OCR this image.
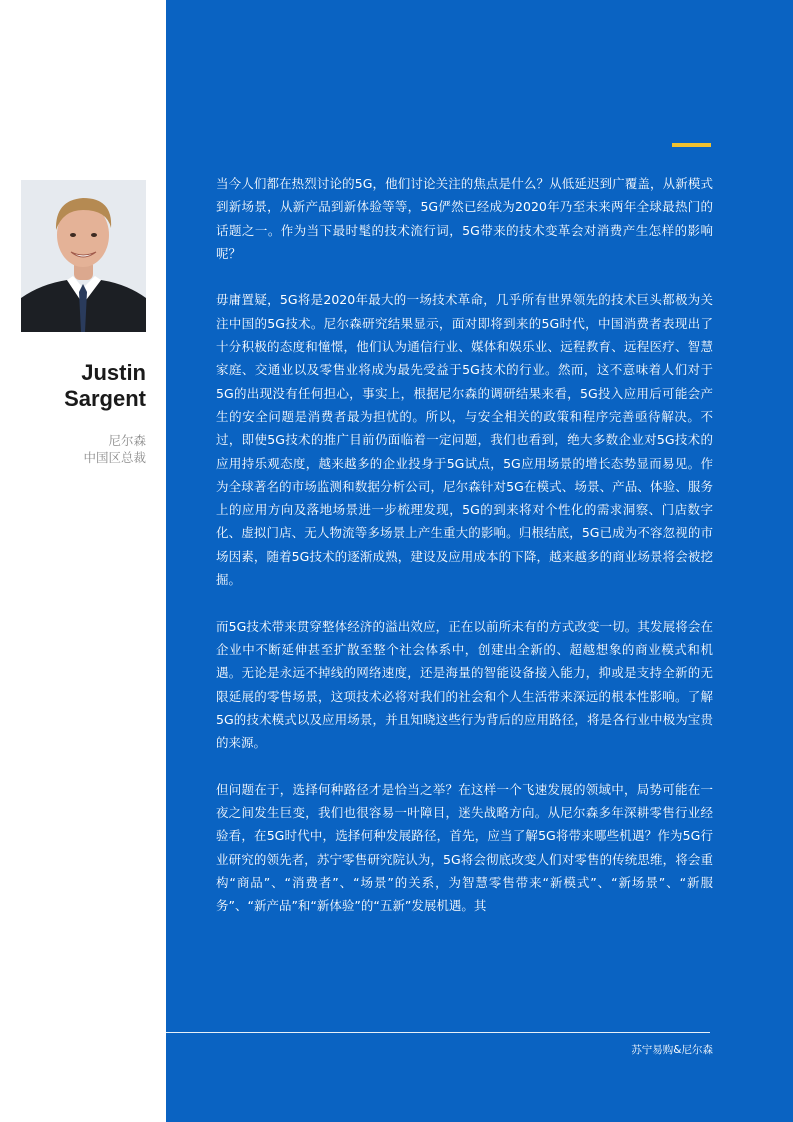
Justin
Sargent
尼尔森
中国区总裁

当今人们都在热烈讨论的5G，他们讨论关注的焦点是什么？从低延迟到广覆盖，从新模式到新场景，从新产品到新体验等等，5G俨然已经成为2020年乃至未来两年全球最热门的话题之一。作为当下最时髦的技术流行词，5G带来的技术变革会对消费产生怎样的影响呢？

毋庸置疑，5G将是2020年最大的一场技术革命，几乎所有世界领先的技术巨头都极为关注中国的5G技术。尼尔森研究结果显示，面对即将到来的5G时代，中国消费者表现出了十分积极的态度和憧憬，他们认为通信行业、媒体和娱乐业、远程教育、远程医疗、智慧家庭、交通业以及零售业将成为最先受益于5G技术的行业。然而，这不意味着人们对于5G的出现没有任何担心，事实上，根据尼尔森的调研结果来看，5G投入应用后可能会产生的安全问题是消费者最为担忧的。所以，与安全相关的政策和程序完善亟待解决。不过，即使5G技术的推广目前仍面临着一定问题，我们也看到，绝大多数企业对5G技术的应用持乐观态度，越来越多的企业投身于5G试点，5G应用场景的增长态势显而易见。作为全球著名的市场监测和数据分析公司，尼尔森针对5G在模式、场景、产品、体验、服务上的应用方向及落地场景进一步梳理发现，5G的到来将对个性化的需求洞察、门店数字化、虚拟门店、无人物流等多场景上产生重大的影响。归根结底，5G已成为不容忽视的市场因素，随着5G技术的逐渐成熟，建设及应用成本的下降，越来越多的商业场景将会被挖掘。

而5G技术带来贯穿整体经济的溢出效应，正在以前所未有的方式改变一切。其发展将会在企业中不断延伸甚至扩散至整个社会体系中，创建出全新的、超越想象的商业模式和机遇。无论是永远不掉线的网络速度，还是海量的智能设备接入能力，抑或是支持全新的无限延展的零售场景，这项技术必将对我们的社会和个人生活带来深远的根本性影响。了解5G的技术模式以及应用场景，并且知晓这些行为背后的应用路径，将是各行业中极为宝贵的来源。

但问题在于，选择何种路径才是恰当之举？在这样一个飞速发展的领域中，局势可能在一夜之间发生巨变，我们也很容易一叶障目，迷失战略方向。从尼尔森多年深耕零售行业经验看，在5G时代中，选择何种发展路径，首先，应当了解5G将带来哪些机遇？作为5G行业研究的领先者，苏宁零售研究院认为，5G将会彻底改变人们对零售的传统思维，将会重构“商品”、“消费者”、“场景”的关系，为智慧零售带来“新模式”、“新场景”、“新服务”、“新产品”和“新体验”的“五新”发展机遇。其

苏宁易购&尼尔森
